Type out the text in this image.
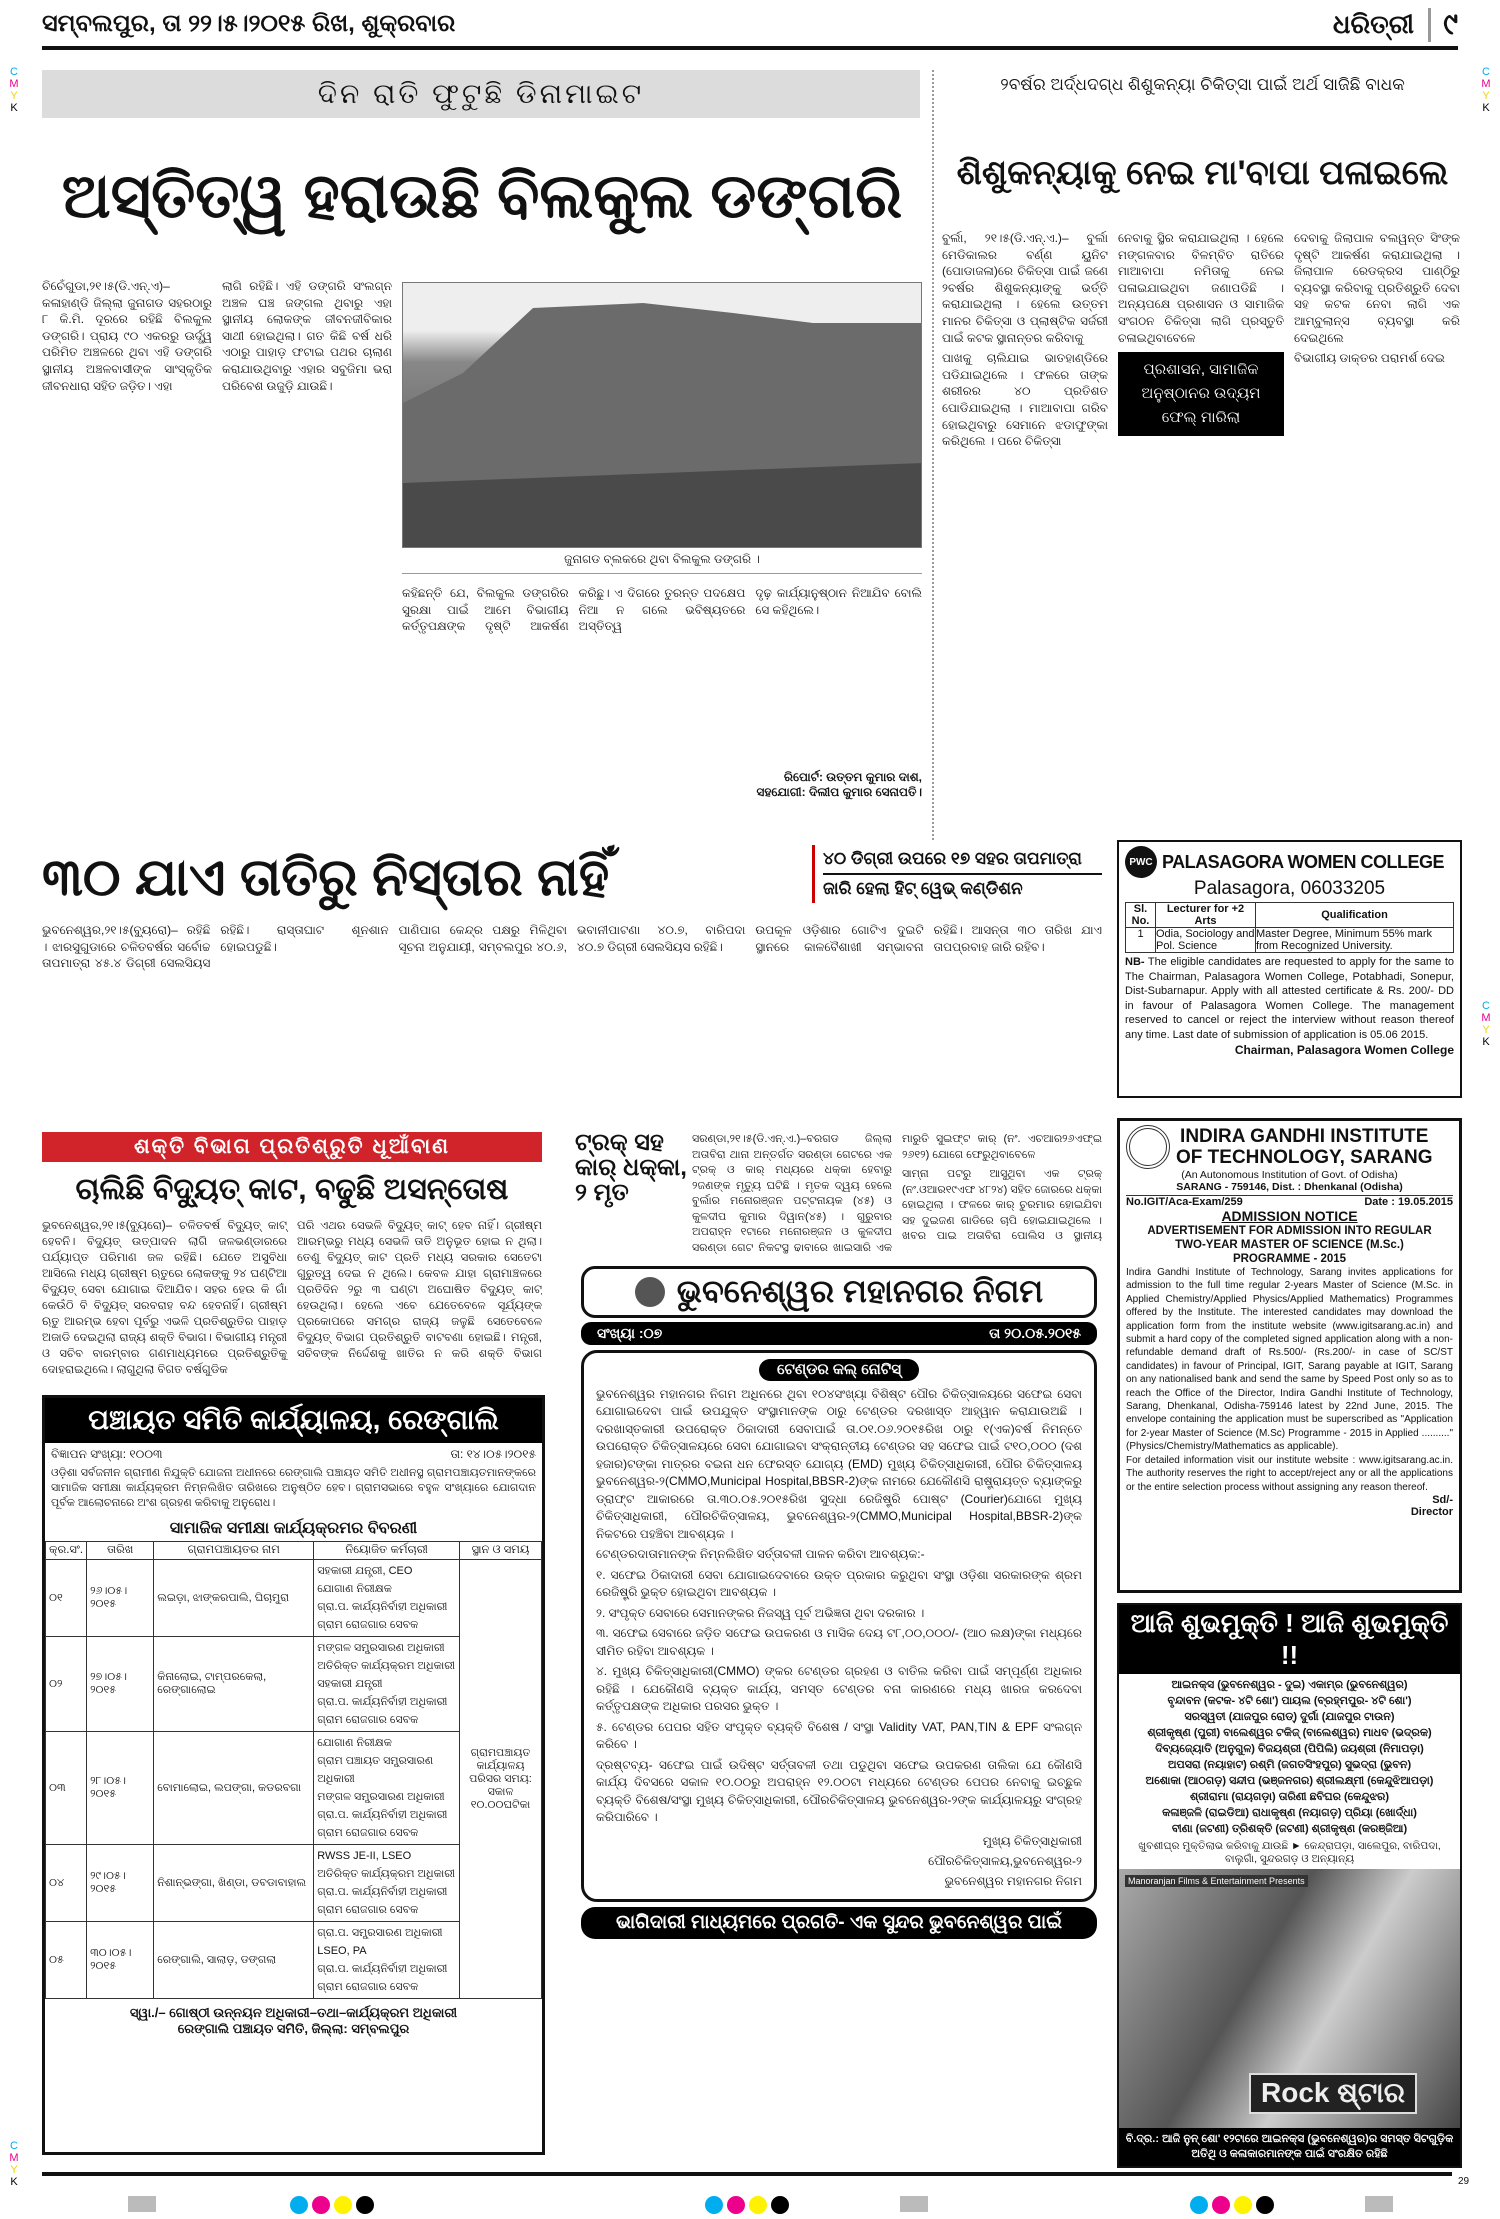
ସମ୍ବଲପୁର, ତା ୨୨।୫।୨୦୧୫ ରିଖ, ଶୁକ୍ରବାର	ଧରିତ୍ରୀ ୯
C
M
Y
K
C
M
Y
K
C
M
Y
K
C
M
Y
K
ଦିନ ରାତି ଫୁଟୁଛି ଡିନାମାଇଟ
ଅସ୍ତିତ୍ୱ ହରାଉଛି ବିଲକୁଲ ଡଙ୍ଗରି

ଚିଚେଁଗୁଡା,୨୧।୫(ଡି.ଏନ୍.ଏ)– କଳାହାଣ୍ଡି ଜିଲ୍ଲା ଜୁନାଗଡ ସହରଠାରୁ ୮ କି.ମି. ଦୂରରେ ରହିଛି ବିଲକୁଲ ଡଙ୍ଗରି। ପ୍ରାୟ ୯୦ ଏକରରୁ ଊର୍ଦ୍ଧ୍ୱ ପରିମିତ ଅଞ୍ଚଳରେ ଥିବା ଏହି ଡଙ୍ଗରି ସ୍ଥାନୀୟ ଅଞ୍ଚଳବାସୀଙ୍କ ସାଂସ୍କୃତିକ ଜୀବନଧାରା ସହିତ ଜଡ଼ିତ। ଏହା

ଲାଗି ରହିଛି। ଏହି ଡଙ୍ଗରି ସଂଲଗ୍ନ ଅଞ୍ଚଳ ଘଞ୍ଚ ଜଙ୍ଗଲ ଥିବାରୁ ଏହା ସ୍ଥାନୀୟ ଲୋକଙ୍କ ଜୀବନଜୀବିକାର ସାଥୀ ହୋଇଥିଲା। ଗତ କିଛି ବର୍ଷ ଧରି ଏଠାରୁ ପାହାଡ଼ ଫଟାଇ ପଥର ଚାଲାଣ କରାଯାଉଥିବାରୁ ଏହାର ସବୁଜିମା ଭରା ପରିବେଶ ଉଜୁଡ଼ି ଯାଉଛି।

ଜୁନାଗଡ ବ୍ଲକରେ ଥିବା ବିଲକୁଲ ଡଙ୍ଗରି ।

କହିଛନ୍ତି ଯେ, ବିଲକୁଲ ଡଙ୍ଗରିର ସୁରକ୍ଷା ପାଇଁ ଆମେ ବିଭାଗୀୟ କର୍ତ୍ତୃପକ୍ଷଙ୍କ ଦୃଷ୍ଟି ଆକର୍ଷଣ କରିଛୁ। ଏ ଦିଗରେ ତୁରନ୍ତ ପଦକ୍ଷେପ ନିଆ ନ ଗଲେ ଭବିଷ୍ୟତରେ ଅସ୍ତିତ୍ୱ

ଦୃଢ଼ କାର୍ଯ୍ୟାନୁଷ୍ଠାନ ନିଆଯିବ ବୋଲି ସେ କହିଥିଲେ।

ରିପୋର୍ଟ: ଉତ୍ତମ କୁମାର ଦାଶ, ସହଯୋଗୀ: ଦିଲୀପ କୁମାର ସେନାପତି।
୨ବର୍ଷର ଅର୍ଦ୍ଧଦଗ୍ଧ ଶିଶୁକନ୍ୟା ଚିକିତ୍ସା ପାଇଁ ଅର୍ଥ ସାଜିଛି ବାଧକ
ଶିଶୁକନ୍ୟାକୁ ନେଇ ମା'ବାପା ପଳାଇଲେ

ବୁର୍ଲା, ୨୧।୫(ଡି.ଏନ୍.ଏ.)– ବୁର୍ଲା ମେଡିକାଲର ବର୍ଣ୍ଣ ୟୁନିଟ (ପୋଡାଜଳା)ରେ ଚିକିତ୍ସା ପାଇଁ ଜଣେ ୨ବର୍ଷର ଶିଶୁକନ୍ୟାଙ୍କୁ ଭର୍ତ୍ତି କରାଯାଇଥିଲା । ହେଲେ ଉତ୍ତମ ମାନର ଚିକିତ୍ସା ଓ ପ୍ଲାଷ୍ଟିକ ସର୍ଜରୀ ପାଇଁ କଟକ ସ୍ଥାନାନ୍ତର କରିବାକୁ

ପାଖକୁ ଚାଲିଯାଇ ଭାତହାଣ୍ଡିରେ ପଡିଯାଇଥିଲେ । ଫଳରେ ତାଙ୍କ ଶରୀରର ୪୦ ପ୍ରତିଶତ ପୋଡିଯାଇଥିଲା । ମାଆବାପା ଗରିବ ହୋଇଥିବାରୁ ସେମାନେ ଝଡାଫୁଙ୍କା କରିଥିଲେ । ପରେ ଚିକିତ୍ସା

ନେବାକୁ ସ୍ଥିର କରାଯାଇଥିଲା । ହେଲେ ମଙ୍ଗଳବାର ବିଳମ୍ବିତ ରାତିରେ ମାଆବାପା ନମିତାକୁ ନେଇ ପଳାଇଯାଇଥିବା ଜଣାପଡିଛି । ଅନ୍ୟପକ୍ଷେ ପ୍ରଶାସନ ଓ ସାମାଜିକ ସଂଗଠନ ଚିକିତ୍ସା ଲାଗି ପ୍ରସ୍ତୁତି ଚଳାଇଥିବାବେଳେ

ପ୍ରଶାସନ, ସାମାଜିକ ଅନୁଷ୍ଠାନର ଉଦ୍ୟମ ଫେଲ୍ ମାରିଲା

ଦେବାକୁ ଜିଲାପାଳ ବଲୱନ୍ତ ସିଂଙ୍କ ଦୃଷ୍ଟି ଆକର୍ଷଣ କରାଯାଇଥିଲା । ଜିଲାପାଳ ରେଡକ୍ରସ ପାଣ୍ଠିରୁ ବ୍ୟବସ୍ଥା କରିବାକୁ ପ୍ରତିଶ୍ରୁତି ଦେବା ସହ କଟକ ନେବା ଲାଗି ଏକ ଆମ୍ବୁଲାନ୍ସ ବ୍ୟବସ୍ଥା କରି ଦେଇଥିଲେ

ବିଭାଗୀୟ ଡାକ୍ତର ପରାମର୍ଶ ଦେଇ

୩୦ ଯାଏ ତାତିରୁ ନିସ୍ତାର ନାହିଁ	୪୦ ଡିଗ୍ରୀ ଉପରେ ୧୭ ସହର ତାପମାତ୍ରା
ଜାରି ହେଲା ହିଟ୍ ୱେଭ୍ କଣ୍ଡିଶନ

ଭୁବନେଶ୍ୱର,୨୧।୫(ବ୍ୟୁରୋ)– ରହିଛି । ଝାରସୁଗୁଡାରେ ଚଳିତବର୍ଷର ସର୍ବୋଚ୍ଚ ତାପମାତ୍ରା ୪୫.୪ ଡିଗ୍ରୀ ସେଲସିୟସ ରହିଛି। ରାସ୍ତାଘାଟ ଶୂନଶାନ ହୋଇପଡୁଛି।

ପାଣିପାଗ କେନ୍ଦ୍ର ପକ୍ଷରୁ ମିଳିଥିବା ସୂଚନା ଅନୁଯାୟୀ, ସମ୍ବଲପୁର ୪୦.୬, ଭବାନୀପାଟଣା ୪୦.୭, ବାରିପଦା ୪୦.୭ ଡିଗ୍ରୀ ସେଲସିୟସ ରହିଛି।

ଉପକୂଳ ଓଡ଼ିଶାର ଗୋଟିଏ ଦୁଇଟି ସ୍ଥାନରେ କାଳବୈଶାଖୀ ସମ୍ଭାବନା ରହିଛି। ଆସନ୍ତା ୩୦ ତାରିଖ ଯାଏ ତାପପ୍ରବାହ ଜାରି ରହିବ।

ଶକ୍ତି ବିଭାଗ ପ୍ରତିଶ୍ରୁତି ଧୂଆଁବାଣ
ଚାଲିଛି ବିଦ୍ୟୁତ୍ କାଟ, ବଢୁଛି ଅସନ୍ତୋଷ

ଭୁବନେଶ୍ୱର,୨୧।୫(ବ୍ୟୁରୋ)– ଚଳିତବର୍ଷ ବିଦ୍ୟୁତ୍ କାଟ୍ ହେବନି। ବିଦ୍ୟୁତ୍ ଉତ୍ପାଦନ ଲାଗି ଜଳଭଣ୍ଡାରରେ ପର୍ଯ୍ୟାପ୍ତ ପରିମାଣ ଜଳ ରହିଛି। ଯେତେ ଅସୁବିଧା ଆସିଲେ ମଧ୍ୟ ଗ୍ରୀଷ୍ମ ଋତୁରେ ଲୋକଙ୍କୁ ୨୪ ଘଣ୍ଟିଆ ବିଦ୍ୟୁତ୍ ସେବା ଯୋଗାଇ ଦିଆଯିବ। ସହର ହେଉ କି ଗାଁ କେଉଁଠି ବି ବିଦ୍ୟୁତ୍ ସରବରାହ ବନ୍ଦ ହେବନାହିଁ। ଗ୍ରୀଷ୍ମ ଋତୁ ଆରମ୍ଭ ହେବା ପୂର୍ବରୁ ଏଭଳି ପ୍ରତିଶ୍ରୁତିର ପାହାଡ଼ ଅଜାଡି ଦେଇଥିଲା ରାଜ୍ୟ ଶକ୍ତି ବିଭାଗ। ବିଭାଗୀୟ ମନ୍ତ୍ରୀ ଓ ସଚିବ ବାରମ୍ବାର ଗଣମାଧ୍ୟମରେ ପ୍ରତିଶ୍ରୁତିକୁ ଦୋହରାଇଥିଲେ। ଲାଗୁଥିଲା ବିଗତ ବର୍ଷଗୁଡିକ

ପରି ଏଥର ସେଭଳି ବିଦ୍ୟୁତ୍ କାଟ୍ ହେବ ନାହିଁ। ଗ୍ରୀଷ୍ମ ଆରମ୍ଭରୁ ମଧ୍ୟ ସେଭଳି ତାତି ଅନୁଭୂତ ହୋଇ ନ ଥିଲା। ତେଣୁ ବିଦ୍ୟୁତ୍ କାଟ ପ୍ରତି ମଧ୍ୟ ସରକାର ସେତେଟା ଗୁରୁତ୍ୱ ଦେଇ ନ ଥିଲେ। କେବଳ ଯାହା ଗ୍ରାମାଞ୍ଚଳରେ ପ୍ରତିଦିନ ୨ରୁ ୩ ଘଣ୍ଟା ଅଘୋଷିତ ବିଦ୍ୟୁତ୍ କାଟ୍ ହେଉଥିଲା। ହେଲେ ଏବେ ଯେତେବେଳେ ସୂର୍ଯ୍ୟଙ୍କ ପ୍ରକୋପରେ ସମଗ୍ର ରାଜ୍ୟ ଜଳୁଛି ସେତେବେଳେ ବିଦ୍ୟୁତ୍ ବିଭାଗ ପ୍ରତିଶ୍ରୁତି ବାଟବଣା ହୋଇଛି। ମନ୍ତ୍ରୀ, ସଚିବଙ୍କ ନିର୍ଦ୍ଦେଶକୁ ଖାତିର ନ କରି ଶକ୍ତି ବିଭାଗ

ପଞ୍ଚାୟତ ସମିତି କାର୍ଯ୍ୟାଳୟ, ରେଙ୍ଗାଲି
ବିଜ୍ଞାପନ ସଂଖ୍ୟା: ୧୦୦୩	ତା: ୧୪।୦୫।୨୦୧୫
ଓଡ଼ିଶା ସର୍ବଜନୀନ ଗ୍ରାମୀଣ ନିଯୁକ୍ତି ଯୋଜନା ଅଧୀନରେ ରେଙ୍ଗାଲି ପଞ୍ଚାୟତ ସମିତି ଅଧୀନସ୍ଥ ଗ୍ରାମପଞ୍ଚାୟତମାନଙ୍କରେ ସାମାଜିକ ସମୀକ୍ଷା କାର୍ଯ୍ୟକ୍ରମ ନିମ୍ନଲିଖିତ ତାରିଖରେ ଅନୁଷ୍ଠିତ ହେବ। ଗ୍ରାମସଭାରେ ବହୁଳ ସଂଖ୍ୟାରେ ଯୋଗଦାନ ପୂର୍ବକ ଆଲୋଚନାରେ ଅଂଶ ଗ୍ରହଣ କରିବାକୁ ଅନୁରୋଧ।
ସାମାଜିକ ସମୀକ୍ଷା କାର୍ଯ୍ୟକ୍ରମର ବିବରଣୀ
କ୍ର.ସଂ.	ତାରିଖ	ଗ୍ରାମପଞ୍ଚାୟତର ନାମ	ନିୟୋଜିତ କର୍ମଚାରୀ	ସ୍ଥାନ ଓ ସମୟ
୦୧	୨୬।୦୫।୨୦୧୫	ଲଇଡ଼ା, ଝାଙ୍କରପାଲି, ଘିଚାମୁରା	ସହକାରୀ ଯନ୍ତ୍ରୀ, CEO
ଯୋଗାଣ ନିରୀକ୍ଷକ
ଗ୍ରା.ପ. କାର୍ଯ୍ୟନିର୍ବାହୀ ଅଧିକାରୀ
ଗ୍ରାମ ରୋଜଗାର ସେବକ	ଗ୍ରାମପଞ୍ଚାୟତ କାର୍ଯ୍ୟାଳୟ ପରିସର ସମୟ: ସକାଳ ୧୦.୦୦ଘଟିକା
୦୨	୨୭।୦୫।୨୦୧୫	କିନାଲୋଇ, ଟାମ୍ପରକେଲା, ରେଙ୍ଗାଲୋଇ	ମଙ୍ଗଳ ସମ୍ପ୍ରସାରଣ ଅଧିକାରୀ
ଅତିରିକ୍ତ କାର୍ଯ୍ୟକ୍ରମ ଅଧିକାରୀ
ସହକାରୀ ଯନ୍ତ୍ରୀ
ଗ୍ରା.ପ. କାର୍ଯ୍ୟନିର୍ବାହୀ ଅଧିକାରୀ
ଗ୍ରାମ ରୋଜଗାର ସେବକ	

୦୩	୨୮।୦୫।୨୦୧୫	ବୋମାଲୋଇ, ଲପଙ୍ଗା, କଡରବଗା	ଯୋଗାଣ ନିରୀକ୍ଷକ
ଗ୍ରାମ ପଞ୍ଚାୟତ ସମ୍ପ୍ରସାରଣ ଅଧିକାରୀ
ମଙ୍ଗଳ ସମ୍ପ୍ରସାରଣ ଅଧିକାରୀ
ଗ୍ରା.ପ. କାର୍ଯ୍ୟନିର୍ବାହୀ ଅଧିକାରୀ
ଗ୍ରାମ ରୋଜଗାର ସେବକ	

୦୪	୨୯।୦୫।୨୦୧୫	ନିଶାନ୍‌ଭଙ୍ଗା, ଖିଣ୍ଡା, ଡବଡାବାହାଲ	RWSS JE-II, LSEO
ଅତିରିକ୍ତ କାର୍ଯ୍ୟକ୍ରମ ଅଧିକାରୀ
ଗ୍ରା.ପ. କାର୍ଯ୍ୟନିର୍ବାହୀ ଅଧିକାରୀ
ଗ୍ରାମ ରୋଜଗାର ସେବକ	

୦୫	୩୦।୦୫।୨୦୧୫	ରେଙ୍ଗାଲି, ସାଲାଡ଼, ଡଙ୍ଗଲା	ଗ୍ରା.ପ. ସମ୍ପ୍ରସାରଣ ଅଧିକାରୀ
LSEO, PA
ଗ୍ରା.ପ. କାର୍ଯ୍ୟନିର୍ବାହୀ ଅଧିକାରୀ
ଗ୍ରାମ ରୋଜଗାର ସେବକ	
ସ୍ୱା./– ଗୋଷ୍ଠୀ ଉନ୍ନୟନ ଅଧିକାରୀ–ତଥା–କାର୍ଯ୍ୟକ୍ରମ ଅଧିକାରୀ
ରେଙ୍ଗାଲି ପଞ୍ଚାୟତ ସମିତି, ଜିଲ୍ଲା: ସମ୍ବଲପୁର
ଟ୍ରକ୍ ସହ କାର୍ ଧକ୍କା, ୨ ମୃତ

ସରଣ୍ଡା,୨୧।୫(ଡି.ଏନ୍.ଏ.)–ବରଗଡ ଜିଲ୍ଲା ଅତାବିରା ଥାନା ଅନ୍ତର୍ଗତ ସରଣ୍ଡା ଗେଟରେ ଏକ ଟ୍ରକ୍ ଓ କାର୍ ମଧ୍ୟରେ ଧକ୍କା ହେବାରୁ ୨ଜଣଙ୍କ ମୃତ୍ୟୁ ଘଟିଛି । ମୃତକ ଦ୍ୱୟ ହେଲେ ବୁର୍ଲାର ମନୋରଞ୍ଜନ ପଟ୍ଟନାୟକ (୪୫) ଓ କୁଳଦୀପ କୁମାର ଦିୱାନ(୪୫) । ଗୁରୁବାର ଅପରାହ୍ନ ୧ଟାରେ ମନୋରଞ୍ଜନ ଓ କୁଳଦୀପ ସରଣ୍ଡା ଗେଟ ନିକଟସ୍ଥ ଢାବାରେ ଖାଇସାରି ଏକ ମାରୁତି ସୁଇଫ୍ଟ କାର୍ (ନଂ. ଏଚଆର୨୬ଏଫ୍ଇ ୨୬୧୨) ଯୋଗେ ଫେରୁଥିବାବେଳେ

ସାମ୍ନା ପଟରୁ ଆସୁଥିବା ଏକ ଟ୍ରକ୍ (ନଂ.ଓଆର୧୯ଏଫ ୪୮୨୪) ସହିତ ଜୋରରେ ଧକ୍କା ହୋଇଥିଲା । ଫଳରେ କାର୍ ଚୁରମାର ହୋଇଯିବା ସହ ଦୁଇଜଣ ଗାଡିରେ ଚାପି ହୋଇଯାଇଥିଲେ । ଖବର ପାଇ ଅତାବିରା ପୋଲିସ ଓ ସ୍ଥାନୀୟ

ଭୁବନେଶ୍ୱର ମହାନଗର ନିଗମ
ସଂଖ୍ୟା :୦୭	ତା ୨୦.୦୫.୨୦୧୫
ଟେଣ୍ଡର କଲ୍ ନୋଟିସ୍

ଭୁବନେଶ୍ୱର ମହାନଗର ନିଗମ ଅଧିନରେ ଥିବା ୧୦୪ସଂଖ୍ୟା ବିଶିଷ୍ଟ ପୌର ଚିକିତ୍ସାଳୟରେ ସଫେଇ ସେବା ଯୋଗାଇଦେବା ପାଇଁ ଉପଯୁକ୍ତ ସଂସ୍ଥାମାନଙ୍କ ଠାରୁ ଟେଣ୍ଡର ଦରଖାସ୍ତ ଆହ୍ୱାନ କରାଯାଉଅଛି । ଦରଖାସ୍ତକାରୀ ଉପରୋକ୍ତ ଠିକାଦାରୀ ସେବାପାଇଁ ତା.୦୧.୦୬.୨୦୧୫ରିଖ ଠାରୁ ୧(ଏକ)ବର୍ଷ ନିମନ୍ତେ ଉପରୋକ୍ତ ଚିକିତ୍ସାଳୟରେ ସେବା ଯୋଗାଇବା ସଂକ୍ରାନ୍ତୀୟ ଟେଣ୍ଡର ସହ ସଫେଇ ପାଇଁ ଟ୧୦,୦୦୦ (ଦଶ ହଜାର)ଟଙ୍କା ମାତ୍ରର ବଇନା ଧନ ଫେରସ୍ତ ଯୋଗ୍ୟ (EMD) ମୁଖ୍ୟ ଚିକିତ୍ସାଧିକାରୀ, ପୌର ଚିକିତ୍ସାଳୟ ଭୁବନେଶ୍ୱର-୨(CMMO,Municipal Hospital,BBSR-2)ଙ୍କ ନାମରେ ଯେକୌଣସି ରାଷ୍ଟ୍ରାୟତ୍ତ ବ୍ୟାଙ୍କରୁ ଡ୍ରାଫ୍ଟ ଆକାରରେ ତା.୩୦.୦୫.୨୦୧୫ରିଖ ସୁଦ୍ଧା ରେଜିଷ୍ଟ୍ରି ପୋଷ୍ଟ (Courier)ଯୋଗେ ମୁଖ୍ୟ ଚିକିତ୍ସାଧିକାରୀ, ପୌରଚିକିତ୍ସାଳୟ, ଭୁବନେଶ୍ୱର-୨(CMMO,Municipal Hospital,BBSR-2)ଙ୍କ ନିକଟରେ ପହଞ୍ଚିବା ଆବଶ୍ୟକ ।

ଟେଣ୍ଡରଦାତାମାନଙ୍କ ନିମ୍ନଲିଖିତ ସର୍ତ୍ତାବଳୀ ପାଳନ କରିବା ଆବଶ୍ୟକ:-

୧. ସଫେଇ ଠିକାଦାରୀ ସେବା ଯୋଗାଇଦେବାରେ ଉକ୍ତ ପ୍ରକାର କରୁଥିବା ସଂସ୍ଥା ଓଡ଼ିଶା ସରକାରଙ୍କ ଶ୍ରମ ରେଜିଷ୍ଟ୍ରି ଭୁକ୍ତ ହୋଇଥିବା ଆବଶ୍ୟକ ।

୨. ସଂପୃକ୍ତ ସେବାରେ ସେମାନଙ୍କର ନିଜସ୍ୱ ପୂର୍ବ ଅଭିଜ୍ଞତା ଥିବା ଦରକାର ।

୩. ସଫେଇ ସେବାରେ ଜଡ଼ିତ ସଫେଇ ଉପକରଣ ଓ ମାସିକ ଦେୟ ଟ୮,୦୦,୦୦୦/- (ଆଠ ଲକ୍ଷ)ଙ୍କା ମଧ୍ୟରେ ସୀମିତ ରହିବା ଆବଶ୍ୟକ ।

୪. ମୁଖ୍ୟ ଚିକିତ୍ସାଧିକାରୀ(CMMO) ଙ୍କର ଟେଣ୍ଡର ଗ୍ରହଣ ଓ ବାତିଲ କରିବା ପାଇଁ ସମ୍ପୂର୍ଣ୍ଣ ଅଧିକାର ରହିଛି । ଯେକୌଣସି ବ୍ୟକ୍ତ କାର୍ଯ୍ୟ, ସମସ୍ତ ଟେଣ୍ଡର ବନା କାରଣରେ ମଧ୍ୟ ଖାରଜ କରଦେବା କର୍ତ୍ତୃପକ୍ଷଙ୍କ ଅଧିକାର ପରସର ଭୁକ୍ତ ।

୫. ଟେଣ୍ଡର ପେପର ସହିତ ସଂପୃକ୍ତ ବ୍ୟକ୍ତି ବିଶେଷ / ସଂସ୍ଥା Validity VAT, PAN,TIN & EPF ସଂଲଗ୍ନ କରିବେ ।

ଦ୍ରଷ୍ଟବ୍ୟ- ସଫେଇ ପାଇଁ ଉଦିଷ୍ଟ ସର୍ତ୍ତାବଳୀ ତଥା ପଡୁଥିବା ସଫେଇ ଉପକରଣ ତାଲିକା ଯେ କୌଣସି କାର୍ଯ୍ୟ ଦିବସରେ ସକାଳ ୧୦.୦୦ରୁ ଅପରାହ୍ନ ୧୨.୦୦ଟା ମଧ୍ୟରେ ଟେଣ୍ଡର ପେପର ନେବାକୁ ଇଚ୍ଛୁକ ବ୍ୟକ୍ତି ବିଶେଷ/ସଂସ୍ଥା ମୁଖ୍ୟ ଚିକିତ୍ସାଧିକାରୀ, ପୌରଚିକିତ୍ସାଳୟ ଭୁବନେଶ୍ୱର-୨ଙ୍କ କାର୍ଯ୍ୟାଳୟରୁ ସଂଗ୍ରହ କରିପାରିବେ ।

ମୁଖ୍ୟ ଚିକିତ୍ସାଧିକାରୀ

ପୌରଚିକିତ୍ସାଳୟ,ଭୁବନେଶ୍ୱର-୨

ଭୁବନେଶ୍ୱର ମହାନଗର ନିଗମ

ଭାଗିଦାରୀ ମାଧ୍ୟମରେ ପ୍ରଗତି- ଏକ ସୁନ୍ଦର ଭୁବନେଶ୍ୱର ପାଇଁ
PWC PALASAGORA WOMEN COLLEGE
Palasagora, 06033205
Sl. No.	Lecturer for +2 Arts	Qualification
1	Odia, Sociology and Pol. Science	Master Degree, Minimum 55% mark from Recognized University.
NB- The eligible candidates are requested to apply for the same to The Chairman, Palasagora Women College, Potabhadi, Sonepur, Dist-Subarnapur. Apply with all attested certificate & Rs. 200/- DD in favour of Palasagora Women College. The management reserved to cancel or reject the interview without reason thereof any time. Last date of submission of application is 05.06 2015.
Chairman, Palasagora Women College
INDIRA GANDHI INSTITUTE
OF TECHNOLOGY, SARANG
(An Autonomous Institution of Govt. of Odisha)
SARANG - 759146, Dist. : Dhenkanal (Odisha)
No.IGIT/Aca-Exam/259	Date : 19.05.2015
ADMISSION NOTICE
ADVERTISEMENT FOR ADMISSION INTO REGULAR TWO-YEAR MASTER OF SCIENCE (M.Sc.) PROGRAMME - 2015
Indira Gandhi Institute of Technology, Sarang invites applications for admission to the full time regular 2-years Master of Science (M.Sc. in Applied Chemistry/Applied Physics/Applied Mathematics) Programmes offered by the Institute. The interested candidates may download the application form from the institute website (www.igitsarang.ac.in) and submit a hard copy of the completed signed application along with a non-refundable demand draft of Rs.500/- (Rs.200/- in case of SC/ST candidates) in favour of Principal, IGIT, Sarang payable at IGIT, Sarang on any nationalised bank and send the same by Speed Post only so as to reach the Office of the Director, Indira Gandhi Institute of Technology, Sarang, Dhenkanal, Odisha-759146 latest by 22nd June, 2015. The envelope containing the application must be superscribed as "Application for 2-year Master of Science (M.Sc) Programme - 2015 in Applied .........." (Physics/Chemistry/Mathematics as applicable).
For detailed information visit our institute website : www.igitsarang.ac.in. The authority reserves the right to accept/reject any or all the applications or the entire selection process without assigning any reason thereof.
Sd/-
Director
ଆଜି ଶୁଭମୁକ୍ତି ! ଆଜି ଶୁଭମୁକ୍ତି !!

ଆଇନକ୍ସ (ଭୁବନେଶ୍ୱର - ଦୁଇ) ଏକାମ୍ର (ଭୁବନେଶ୍ୱର)

ବୃନ୍ଦାବନ (କଟକ- ୪ଟି ଶୋ') ପାୟଲ (ବ୍ରହ୍ମପୁର- ୪ଟି ଶୋ')

ସରସ୍ୱତୀ (ଯାଜପୁର ରୋଡ୍) ଦୁର୍ଗା (ଯାଜପୁର ଟାଉନ)

ଶ୍ରୀକୃଷ୍ଣ (ପୁରୀ) ବାଲେଶ୍ୱର ଟକିଜ୍ (ବାଲେଶ୍ୱର) ମାଧବ (ଭଦ୍ରକ)

ଦିବ୍ୟଜ୍ୟୋତି (ଅନୁଗୁଳ) ବିଜୟଶ୍ରୀ (ପିପିଲି) ଜୟଶ୍ରୀ (ନିମାପଡ଼ା)

ଅପସରା (ନୟାହାଟ) ରଶ୍ମି (ଜଗତସିଂହପୁର) ସୁଭଦ୍ରା (ଭୁବନ)

ଅଶୋକା (ଆଠଗଡ଼) ସନ୍ଦୀପ (ଭଞ୍ଜନଗର) ଶ୍ରୀଲକ୍ଷ୍ମୀ (କେନ୍ଦୁଝିଆପଡ଼ା)

ଶ୍ରୀରାମା (ରାୟଗଡ଼ା) ତାରିଣୀ ଛବିଘର (କେନ୍ଦୁଝର)

କଳାଞ୍ଜଳି (ରାଇଡିଆ) ରାଧାକୃଷ୍ଣ (ନୟାଗଡ଼) ପ୍ରିୟା (ଖୋର୍ଦ୍ଧା)

ବୀଣା (ଜଟଣୀ) ତ୍ରିଶକ୍ତି (ଜଟଣୀ) ଶ୍ରୀକୃଷ୍ଣ (କରଞ୍ଜିଆ)

ଖୁବଶୀଘ୍ର ମୁକ୍ତିଲାଭ କରିବାକୁ ଯାଉଛି ► କେନ୍ଦ୍ରାପଡ଼ା, ସାଲେପୁର, ବାରିପଦା, ବାଲୁଗାଁ, ସୁନ୍ଦରଗଡ଼ ଓ ଅନ୍ୟାନ୍ୟ
Manoranjan Films & Entertainment Presents
Rock ଷ୍ଟାର
ବି.ଦ୍ର.: ଆଜି ନୁନ୍ ଶୋ' ୧୨ଟାରେ ଆଇନକ୍ସ (ଭୁବନେଶ୍ୱର)ର ସମସ୍ତ ସିଟଗୁଡ଼ିକ ଅତିଥି ଓ କଳାକାରମାନଙ୍କ ପାଇଁ ସଂରକ୍ଷିତ ରହିଛି
29
